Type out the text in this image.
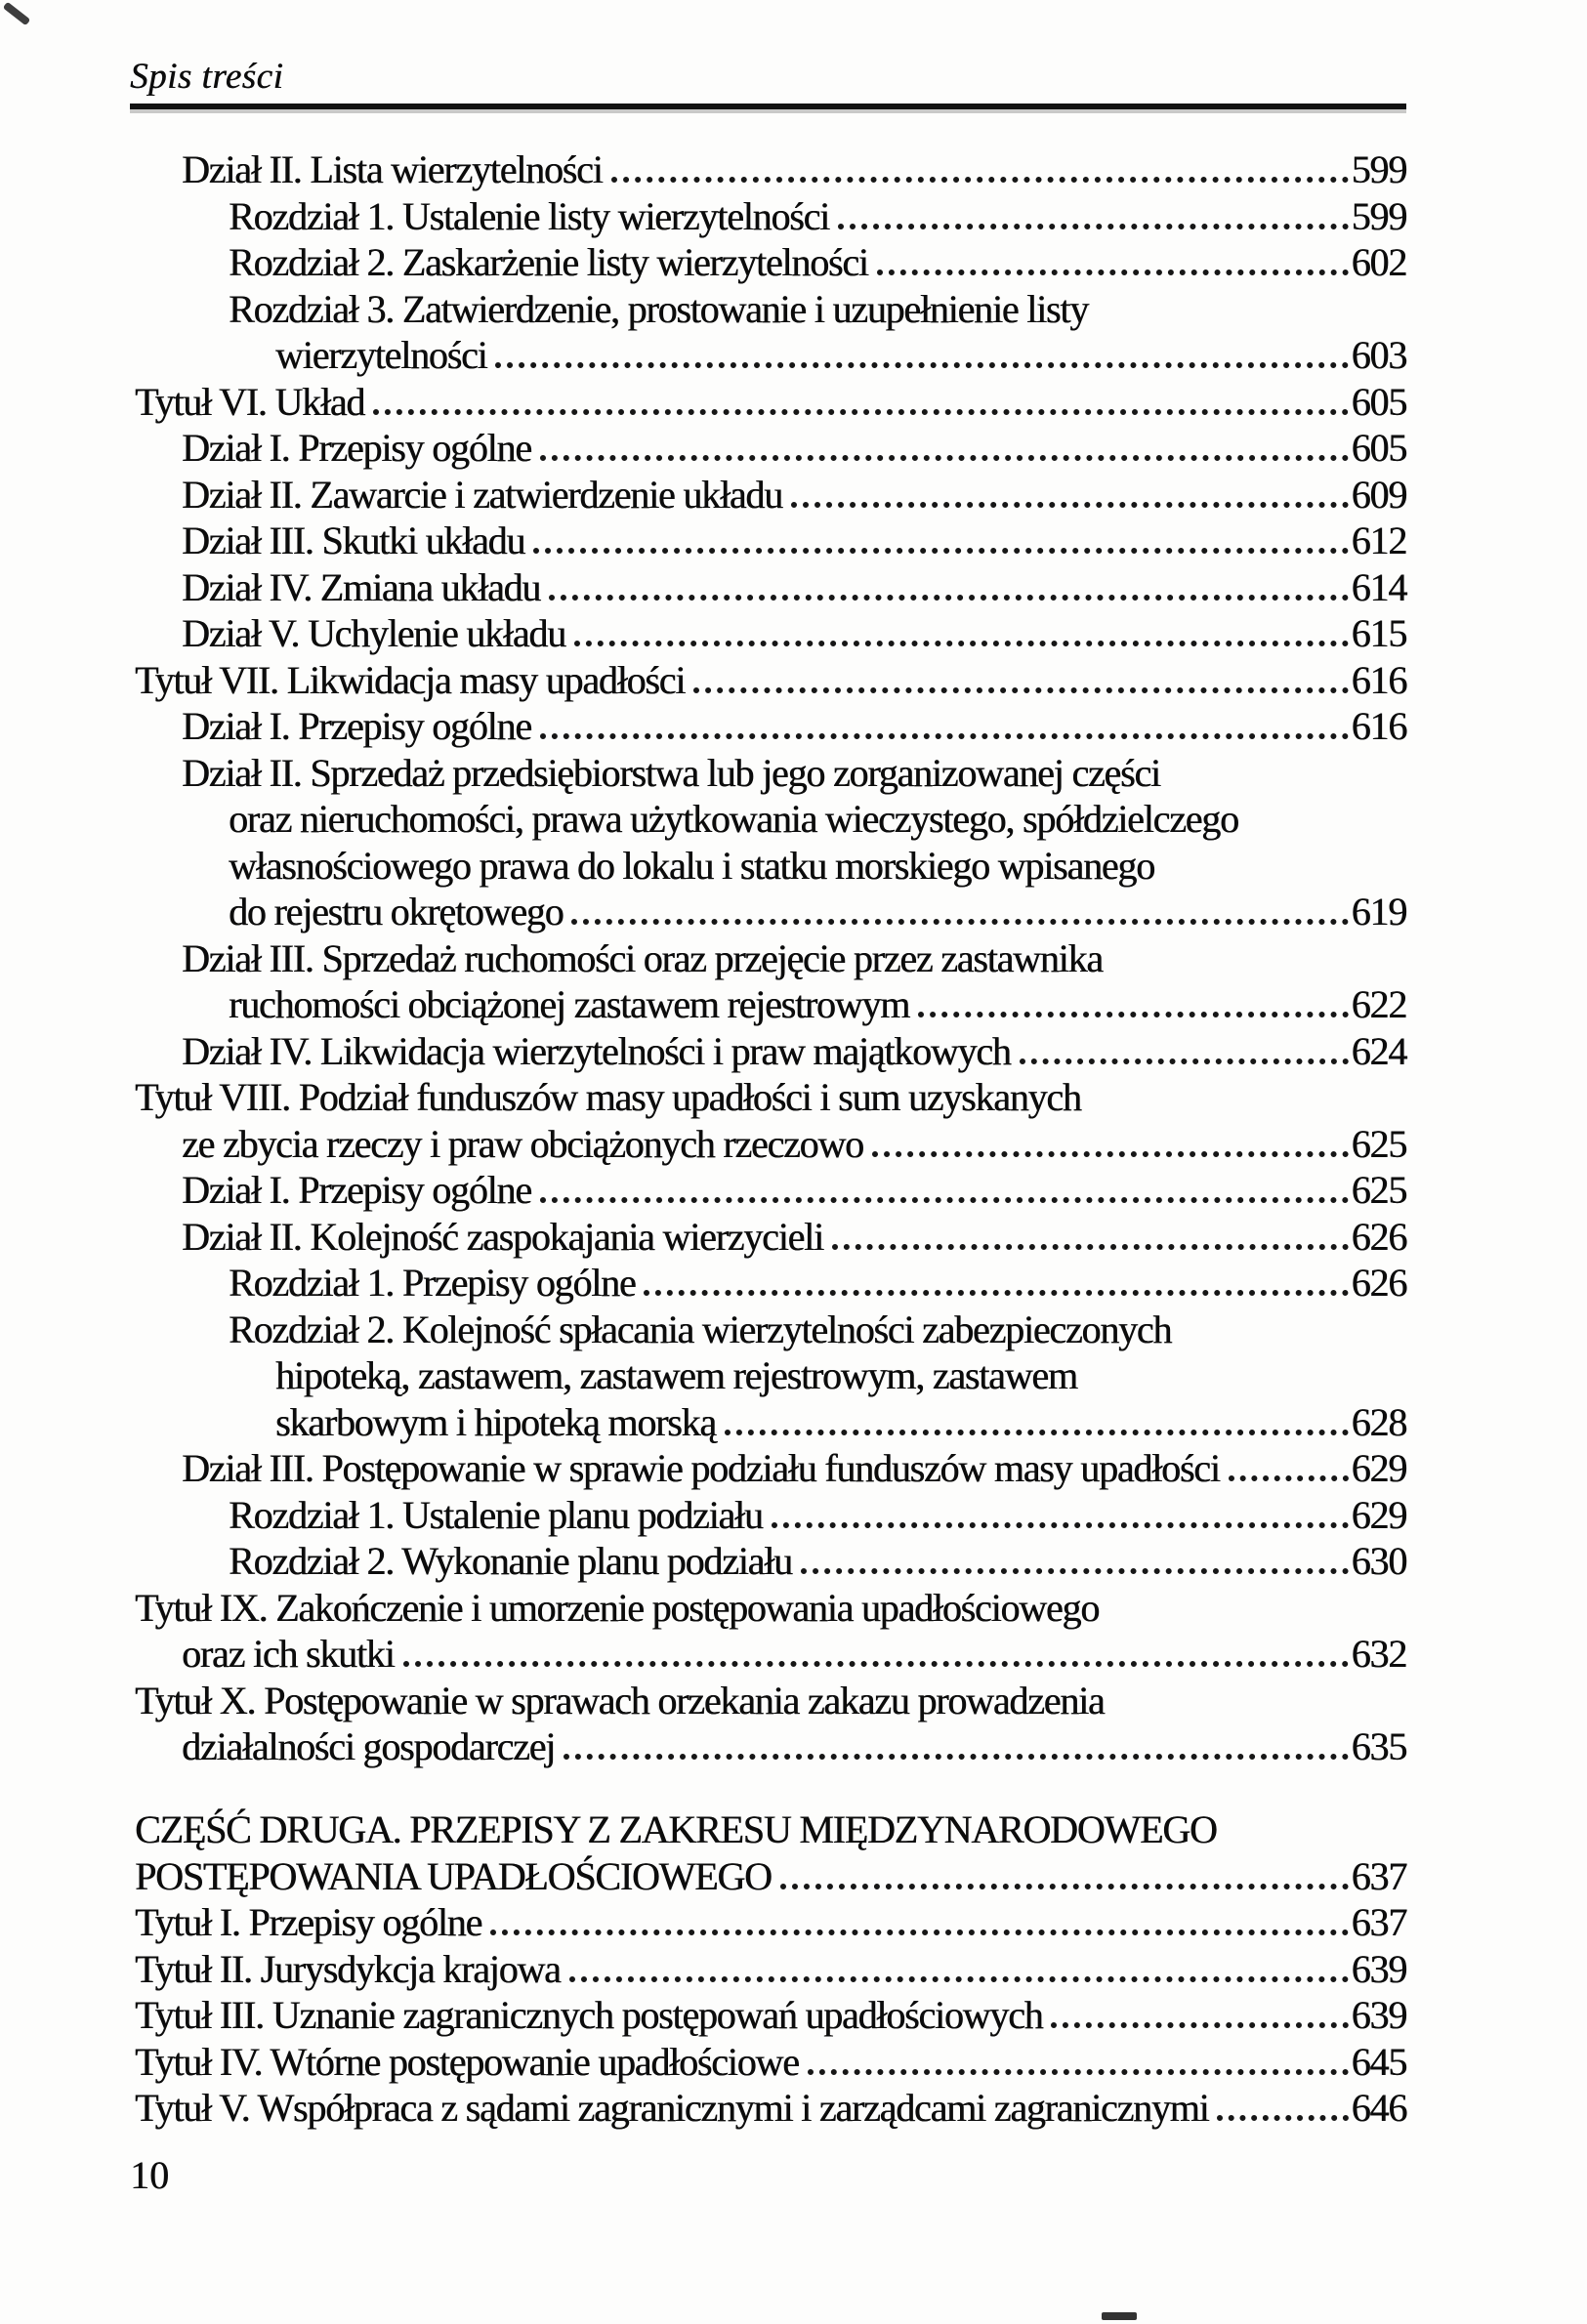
Spis treści
Dział II. Lista wierzytelności	599
Rozdział 1. Ustalenie listy wierzytelności	599
Rozdział 2. Zaskarżenie listy wierzytelności	602
Rozdział 3. Zatwierdzenie, prostowanie i uzupełnienie listy
wierzytelności	603
Tytuł VI. Układ	605
Dział I. Przepisy ogólne	605
Dział II. Zawarcie i zatwierdzenie układu	609
Dział III. Skutki układu	612
Dział IV. Zmiana układu	614
Dział V. Uchylenie układu	615
Tytuł VII. Likwidacja masy upadłości	616
Dział I. Przepisy ogólne	616
Dział II. Sprzedaż przedsiębiorstwa lub jego zorganizowanej części
oraz nieruchomości, prawa użytkowania wieczystego, spółdzielczego
własnościowego prawa do lokalu i statku morskiego wpisanego
do rejestru okrętowego	619
Dział III. Sprzedaż ruchomości oraz przejęcie przez zastawnika
ruchomości obciążonej zastawem rejestrowym	622
Dział IV. Likwidacja wierzytelności i praw majątkowych	624
Tytuł VIII. Podział funduszów masy upadłości i sum uzyskanych
ze zbycia rzeczy i praw obciążonych rzeczowo	625
Dział I. Przepisy ogólne	625
Dział II. Kolejność zaspokajania wierzycieli	626
Rozdział 1. Przepisy ogólne	626
Rozdział 2. Kolejność spłacania wierzytelności zabezpieczonych
hipoteką, zastawem, zastawem rejestrowym, zastawem
skarbowym i hipoteką morską	628
Dział III. Postępowanie w sprawie podziału funduszów masy upadłości	629
Rozdział 1. Ustalenie planu podziału	629
Rozdział 2. Wykonanie planu podziału	630
Tytuł IX. Zakończenie i umorzenie postępowania upadłościowego
oraz ich skutki	632
Tytuł X. Postępowanie w sprawach orzekania zakazu prowadzenia
działalności gospodarczej	635
CZĘŚĆ DRUGA. PRZEPISY Z ZAKRESU MIĘDZYNARODOWEGO
POSTĘPOWANIA UPADŁOŚCIOWEGO	637
Tytuł I. Przepisy ogólne	637
Tytuł II. Jurysdykcja krajowa	639
Tytuł III. Uznanie zagranicznych postępowań upadłościowych	639
Tytuł IV. Wtórne postępowanie upadłościowe	645
Tytuł V. Współpraca z sądami zagranicznymi i zarządcami zagranicznymi	646
10
